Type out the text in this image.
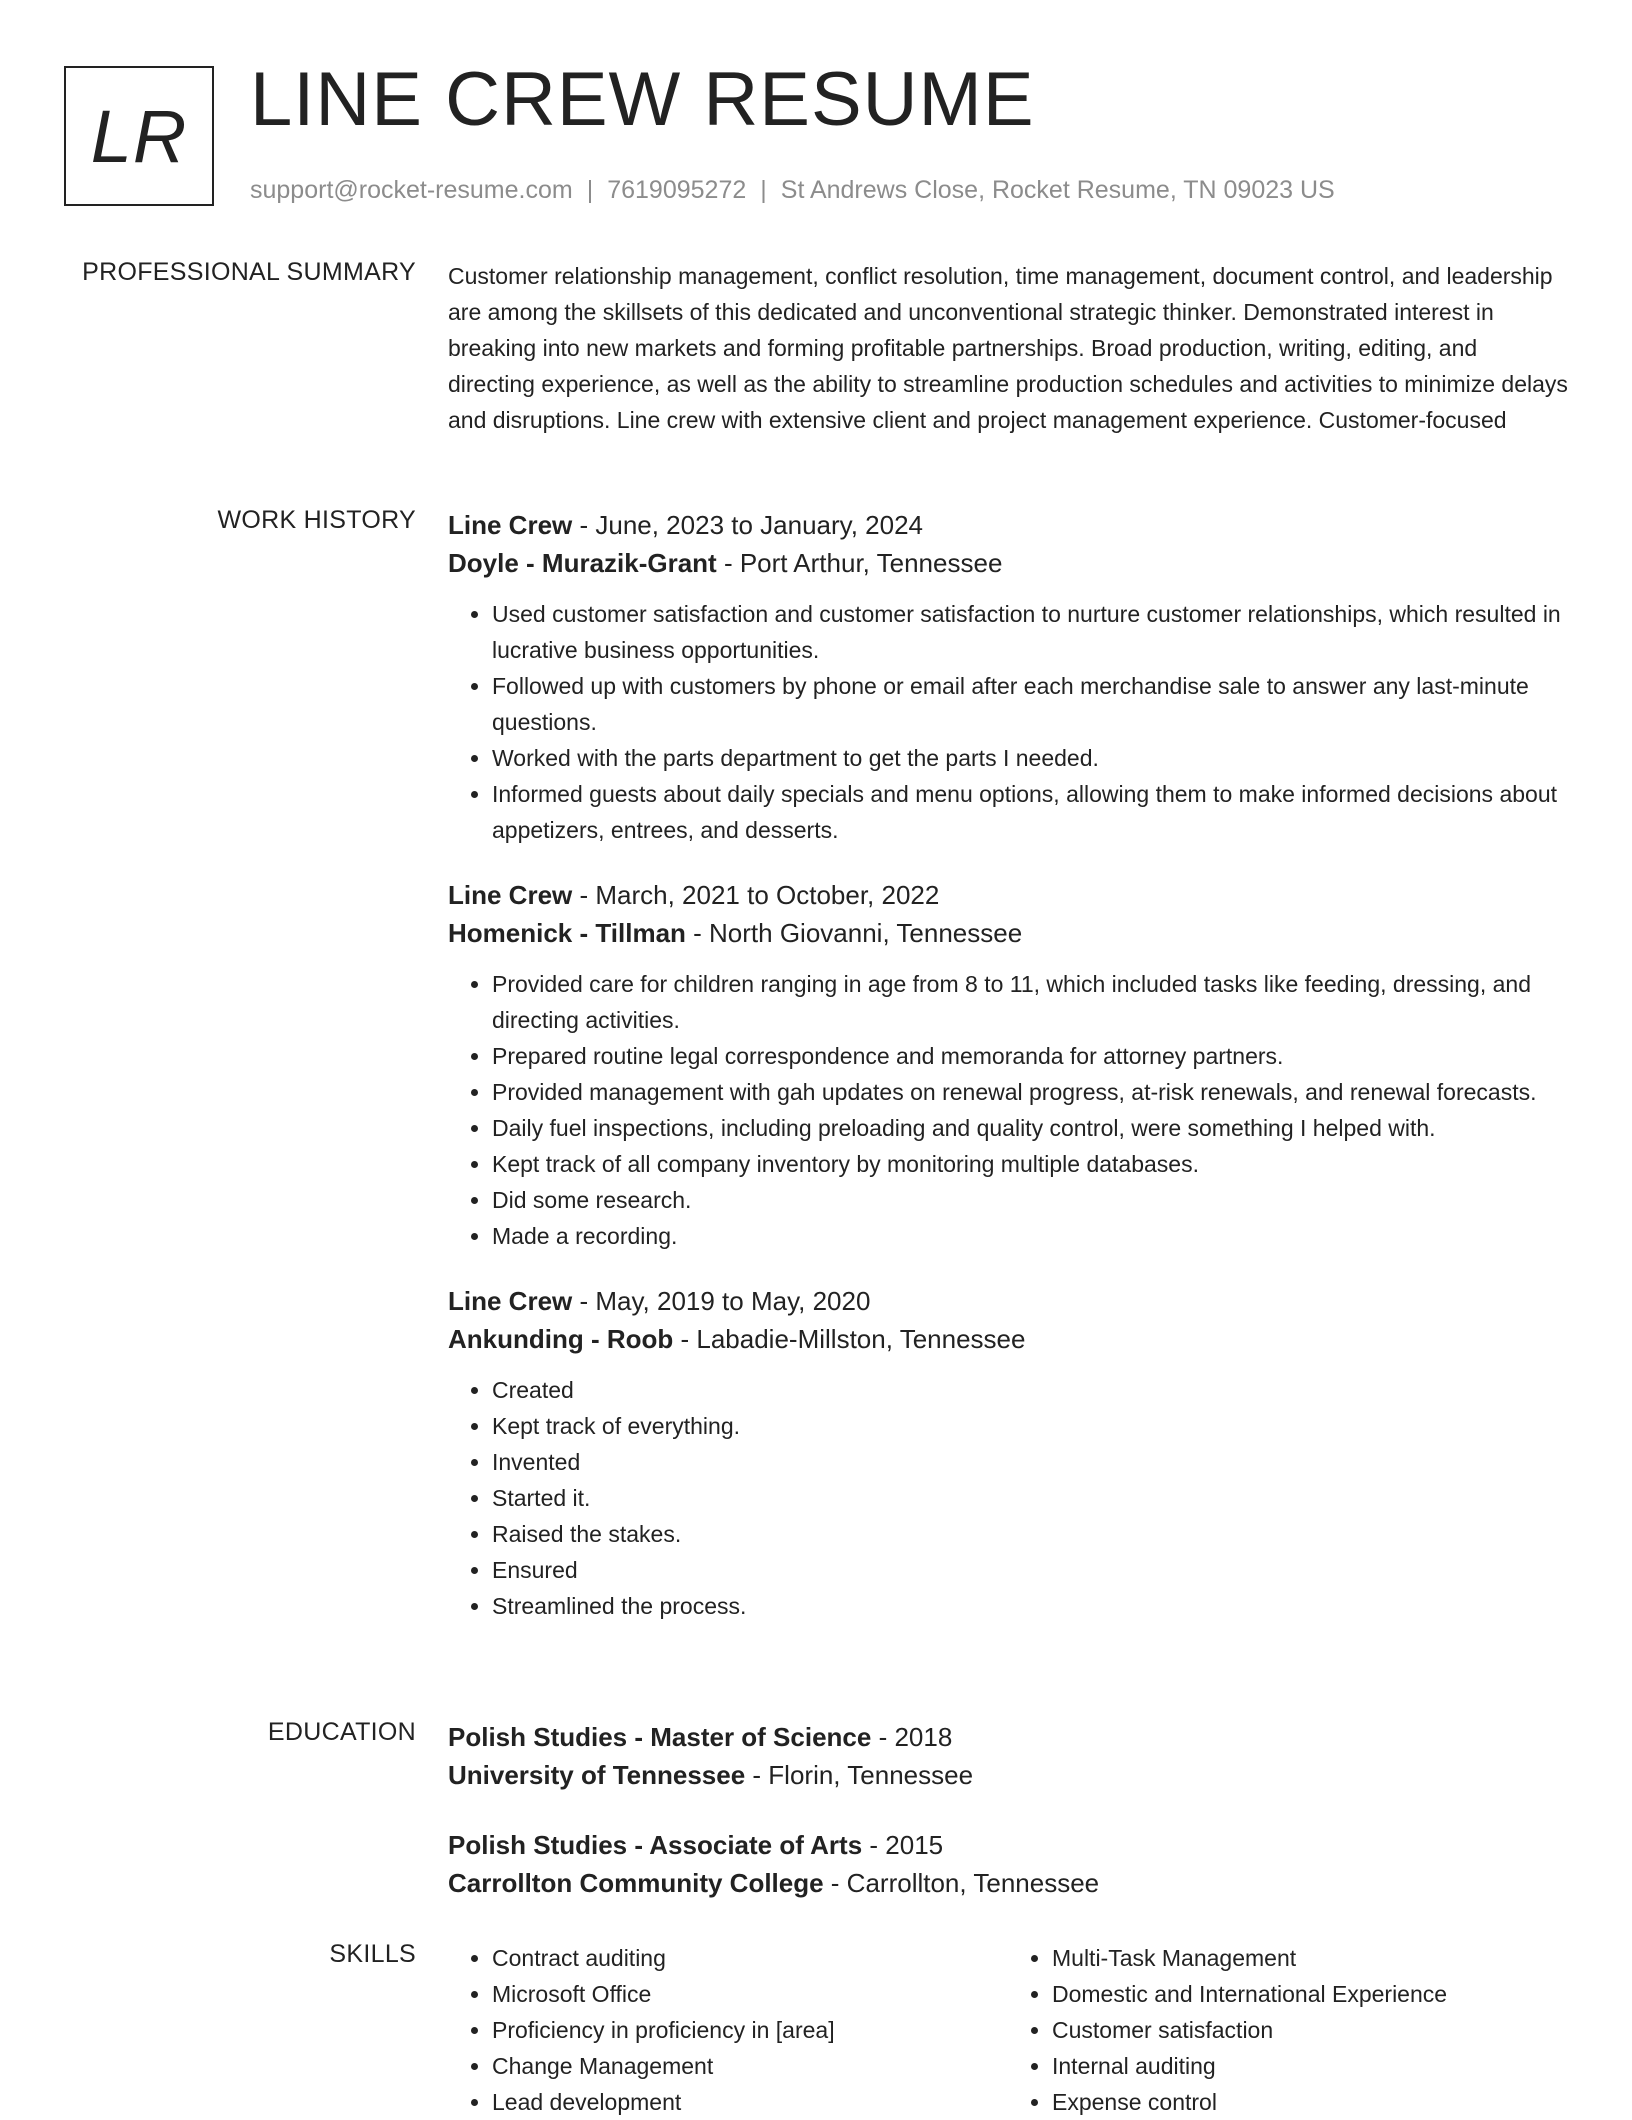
LR LINE CREW RESUME
support@rocket-resume.com | 7619095272 | St Andrews Close, Rocket Resume, TN 09023 US
PROFESSIONAL SUMMARY Customer relationship management, conflict resolution, time management, document control, and leadership are among the skillsets of this dedicated and unconventional strategic thinker. Demonstrated interest in breaking into new markets and forming profitable partnerships. Broad production, writing, editing, and directing experience, as well as the ability to streamline production schedules and activities to minimize delays and disruptions. Line crew with extensive client and project management experience. Customer-focused

WORK HISTORY Line Crew - June, 2023 to January, 2024
Doyle - Murazik-Grant - Port Arthur, Tennessee
• Used customer satisfaction and customer satisfaction to nurture customer relationships, which resulted in lucrative business opportunities.
• Followed up with customers by phone or email after each merchandise sale to answer any last-minute questions.
• Worked with the parts department to get the parts I needed.
• Informed guests about daily specials and menu options, allowing them to make informed decisions about appetizers, entrees, and desserts.
Line Crew - March, 2021 to October, 2022
Homenick - Tillman - North Giovanni, Tennessee
• Provided care for children ranging in age from 8 to 11, which included tasks like feeding, dressing, and directing activities.
• Prepared routine legal correspondence and memoranda for attorney partners.
• Provided management with gah updates on renewal progress, at-risk renewals, and renewal forecasts.
• Daily fuel inspections, including preloading and quality control, were something I helped with.
• Kept track of all company inventory by monitoring multiple databases.
• Did some research.
• Made a recording.
Line Crew - May, 2019 to May, 2020
Ankunding - Roob - Labadie-Millston, Tennessee
• Created
• Kept track of everything.
• Invented
• Started it.
• Raised the stakes.
• Ensured
• Streamlined the process.
EDUCATION Polish Studies - Master of Science - 2018
University of Tennessee - Florin, Tennessee
Polish Studies - Associate of Arts - 2015
Carrollton Community College - Carrollton, Tennessee
SKILLS
•	Contract auditing
• Microsoft Office
• Proficiency in proficiency in [area]
• Change Management
• Lead development
• Multi-Task Management
• Domestic and International Experience
• Customer satisfaction
• Internal auditing
• Expense control
